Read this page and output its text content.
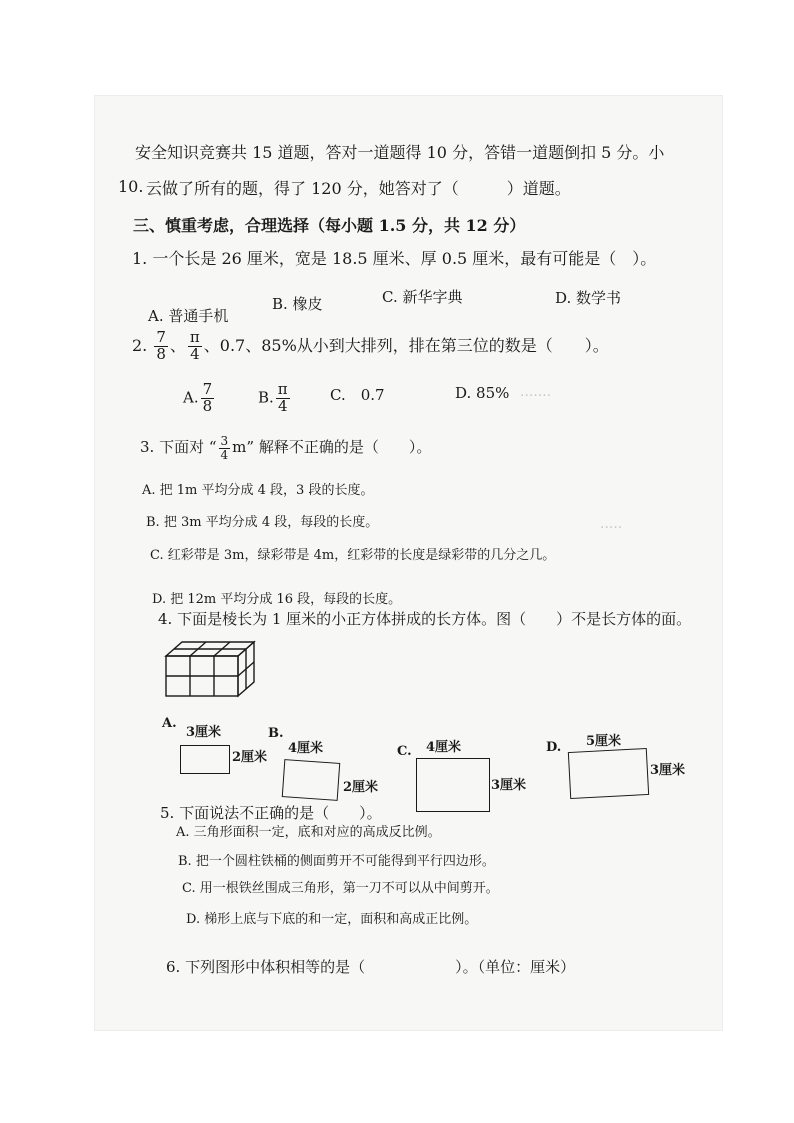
·······
·····
安全知识竞赛共 15 道题，答对一道题得 10 分，答错一道题倒扣 5 分。小
10. 云做了所有的题，得了 120 分，她答对了（　　　）道题。
三、慎重考虑，合理选择（每小题 1.5 分，共 12 分）
1. 一个长是 26 厘米，宽是 18.5 厘米、厚 0.5 厘米，最有可能是（　）。
A. 普通手机
B. 橡皮	C. 新华字典	D. 数学书
2. $\frac{7}{8}$ 、 $\frac{\pi}{4}$ 、0.7、85%从小到大排列，排在第三位的数是（　　）。
A. $\frac{7}{8}$	B. $\frac{\pi}{4}$	C.　0.7	D. 85%
3. 下面对 “ $\frac{3}{4} m$” 解释不正确的是（　　）。
A. 把 1m 平均分成 4 段，3 段的长度。
B. 把 3m 平均分成 4 段，每段的长度。
C. 红彩带是 3m，绿彩带是 4m，红彩带的长度是绿彩带的几分之几。
D. 把 12m 平均分成 16 段，每段的长度。
4. 下面是棱长为 1 厘米的小正方体拼成的长方体。图（　　）不是长方体的面。
A.
3厘米
2厘米
B.
4厘米
2厘米
C. 4厘米
3厘米
D. 5厘米
3厘米
5. 下面说法不正确的是（　　）。
A. 三角形面积一定，底和对应的高成反比例。
B. 把一个圆柱铁桶的侧面剪开不可能得到平行四边形。
C. 用一根铁丝围成三角形，第一刀不可以从中间剪开。
D. 梯形上底与下底的和一定，面积和高成正比例。
6. 下列图形中体积相等的是（　　　　　　）。（单位：厘米）
